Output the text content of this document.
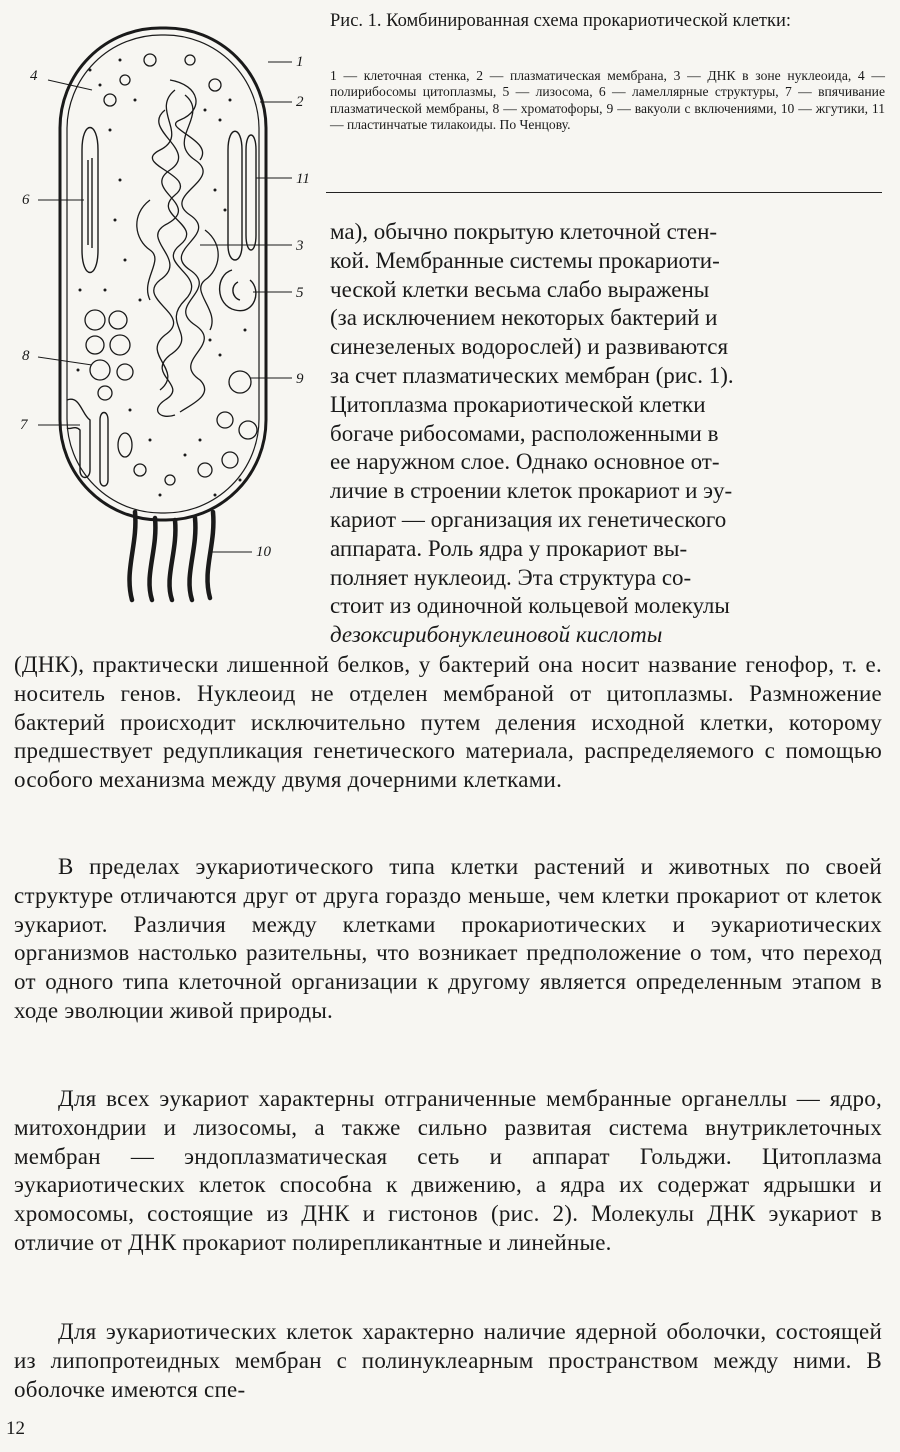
1
2
3
4
5
6
7
8
9
10
11

Рис. 1. Комбинированная схема прокариотической клетки:

1 — клеточная стенка, 2 — плазматическая мембрана, 3 — ДНК в зоне нуклеоида, 4 — полирибосомы цитоплазмы, 5 — лизосома, 6 — ламеллярные структуры, 7 — впячивание плазматической мембраны, 8 — хроматофоры, 9 — вакуоли с включениями, 10 — жгутики, 11 — пластинчатые тилакоиды. По Ченцову.

ма), обычно покрытую клеточной стен-
кой. Мембранные системы прокариоти-
ческой клетки весьма слабо выражены
(за исключением некоторых бактерий и
синезеленых водорослей) и развиваются
за счет плазматических мембран (рис. 1).
Цитоплазма прокариотической клетки
богаче рибосомами, расположенными в
ее наружном слое. Однако основное от-
личие в строении клеток прокариот и эу-
кариот — организация их генетического
аппарата. Роль ядра у прокариот вы-
полняет нуклеоид. Эта структура со-
стоит из одиночной кольцевой молекулы
дезоксирибонуклеиновой кислоты

(ДНК), практически лишенной белков, у бактерий она носит название генофор, т. е. носитель генов. Нуклеоид не отделен мембраной от цитоплазмы. Размножение бактерий происходит исключительно путем деления исходной клетки, которому предшествует редупликация генетического материала, распределяемого с помощью особого механизма между двумя дочерними клетками.

В пределах эукариотического типа клетки растений и животных по своей структуре отличаются друг от друга гораздо меньше, чем клетки прокариот от клеток эукариот. Различия между клетками прокариотических и эукариотических организмов настолько разительны, что возникает предположение о том, что переход от одного типа клеточной организации к другому является определенным этапом в ходе эволюции живой природы.

Для всех эукариот характерны отграниченные мембранные органеллы — ядро, митохондрии и лизосомы, а также сильно развитая система внутриклеточных мембран — эндоплазматическая сеть и аппарат Гольджи. Цитоплазма эукариотических клеток способна к движению, а ядра их содержат ядрышки и хромосомы, состоящие из ДНК и гистонов (рис. 2). Молекулы ДНК эукариот в отличие от ДНК прокариот полирепликантные и линейные.

Для эукариотических клеток характерно наличие ядерной оболочки, состоящей из липопротеидных мембран с полинуклеарным пространством между ними. В оболочке имеются спе-

12
